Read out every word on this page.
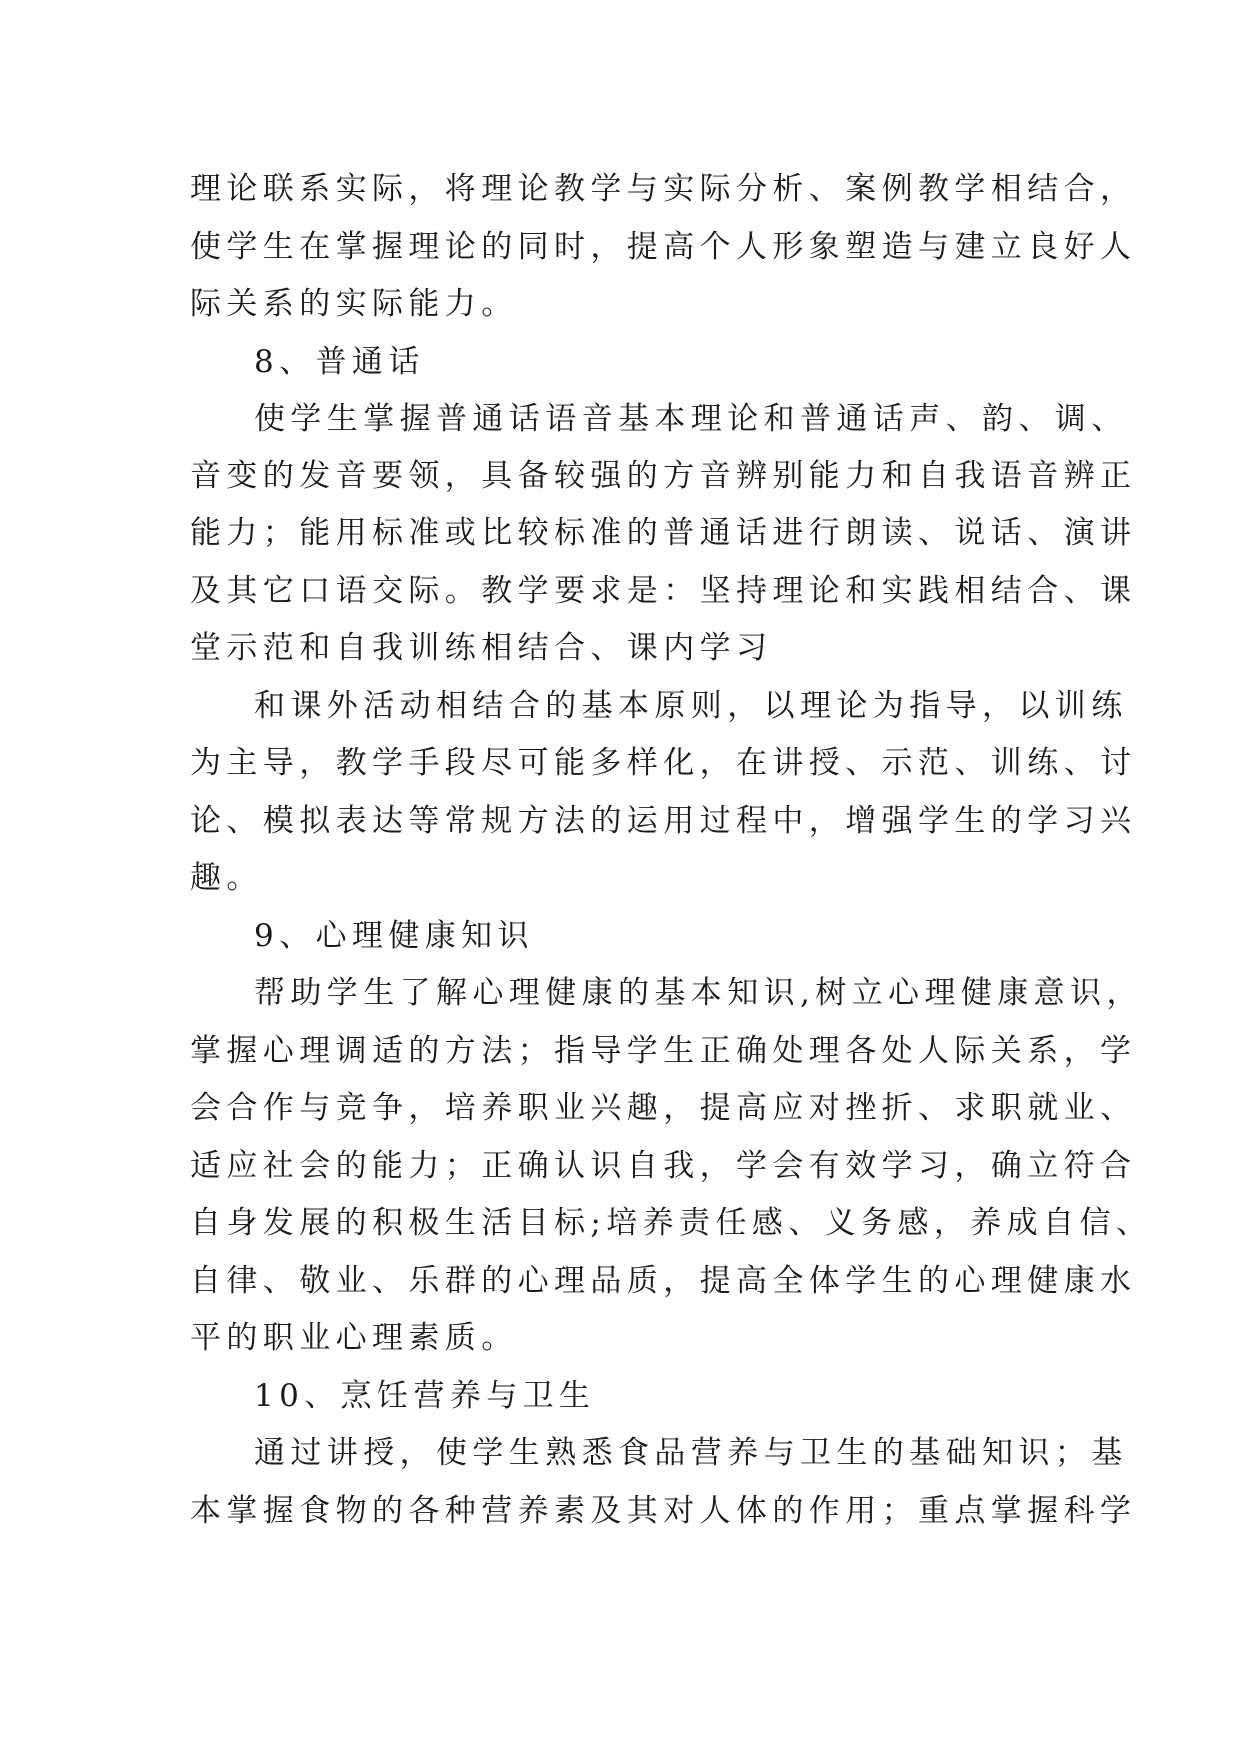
理论联系实际，将理论教学与实际分析、案例教学相结合，
使学生在掌握理论的同时，提高个人形象塑造与建立良好人
际关系的实际能力。
8、普通话
使学生掌握普通话语音基本理论和普通话声、韵、调、
音变的发音要领，具备较强的方音辨别能力和自我语音辨正
能力；能用标准或比较标准的普通话进行朗读、说话、演讲
及其它口语交际。教学要求是：坚持理论和实践相结合、课
堂示范和自我训练相结合、课内学习
和课外活动相结合的基本原则，以理论为指导，以训练
为主导，教学手段尽可能多样化，在讲授、示范、训练、讨
论、模拟表达等常规方法的运用过程中，增强学生的学习兴
趣。
9、心理健康知识
帮助学生了解心理健康的基本知识,树立心理健康意识，
掌握心理调适的方法；指导学生正确处理各处人际关系，学
会合作与竞争，培养职业兴趣，提高应对挫折、求职就业、
适应社会的能力；正确认识自我，学会有效学习，确立符合
自身发展的积极生活目标;培养责任感、义务感，养成自信、
自律、敬业、乐群的心理品质，提高全体学生的心理健康水
平的职业心理素质。
10、烹饪营养与卫生
通过讲授，使学生熟悉食品营养与卫生的基础知识；基
本掌握食物的各种营养素及其对人体的作用；重点掌握科学
